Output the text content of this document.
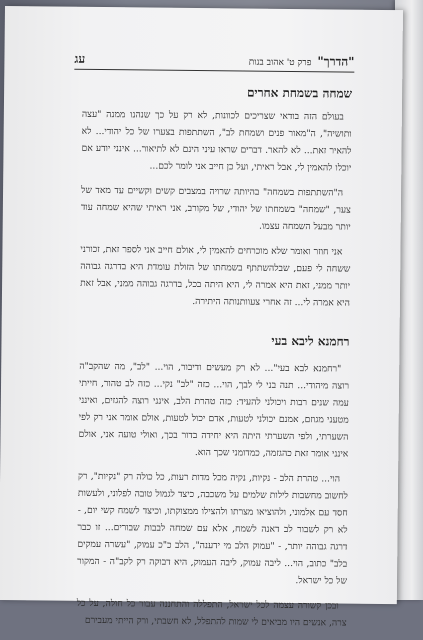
"הדרך"פרק ט' אהוב בנות
עג
שמחה בשמחת אחרים

בעולם הזה בודאי שצריכים לכוונות, לא רק על כך שנהנו ממנה "עצה ותושיה", ה"מאור פנים ושמחת לב", השתתפות בצערו של כל יהודי... לא להאיר זאת... לא להאר. דברים שראו עיני הינם לא לתיאור... אינני יודע אם יוכלו להאמין לי, אבל ראיתי, ועל כן חייב אני לומר לכם...

ה"השתתפות בשמחה" בהיותה שרויה במצבים קשים וקשיים עד מאד של צער, "שמחה" בשמחתו של יהודי, של מקורב, אני ראיתי שהיא שמחה עוד יותר מבעל השמחה עצמו.

אני חוזר ואומר שלא מוכרחים להאמין לי, אולם חייב אני לספר זאת, זכורני ששחה לי פעם, שבלהשתתף בשמחתו של הזולת עומדת היא בדרגה גבוהה יותר ממני, זאת היא אמרה לי, היא היתה בכל, בדרגה גבוהה ממני, אבל זאת היא אמרה לי... זה אחרי צעוותנותה היתירה.

רחמנא ליבא בעי

"רחמנא לבא בעי"... לא רק מעשים ודיבור, הוי... "לב", מה שהקב"ה רוצה מיהודי... תנה בני לי לבך, הוי... כזה "לב" נקי... כזה לב טהור, חייתי עמה שנים רבות ויכולני להעיד: כזה טהרת הלב, אינני רוצה להגזים, ואינני מטעני מגוזם, אמנם יכולני לטעות, אדם יכול לטעות, אולם אומר אני רק לפי השערתי, ולפי השערתי היתה היא יחידה בדור בכך, ואולי טועה אני, אולם אינני אומר זאת כהגזמה, כמדומני שכך הוא.

הוי... טהרת הלב - נקיות, נקיה מכל מדות רעות, כל כולה רק "נקיות", רק לחשוב מחשבות לילות שלמים על משכבה, כיצד לגמול טובה לפלוני, ולעשות חסד עם אלמוני, ולהוציאו מצרתו ולהצילו ממצוקתו, וכיצד לשמח קשי יום, - לא רק לשבור לב דאנה לשמח, אלא עם שמחה לבבות שבורים... זו כבר דרגה גבוהה יותר, - "עמוק הלב מי ידענה", הלב כ"כ עמוק, "עשרה עמקים בלב" כתוב, הוי... ליבה עמוק, ליבה העמוק, היא דבוקה רק לקב"ה - המקור של כל ישראל.

ובכן קשורה עצמה לכל ישראל, התפללה והתחננה עבור כל חולה, על כל צרה, אנשים היו מביאים לי שמות להתפלל, לא חשבתי, ורק הייתי מעבירם
